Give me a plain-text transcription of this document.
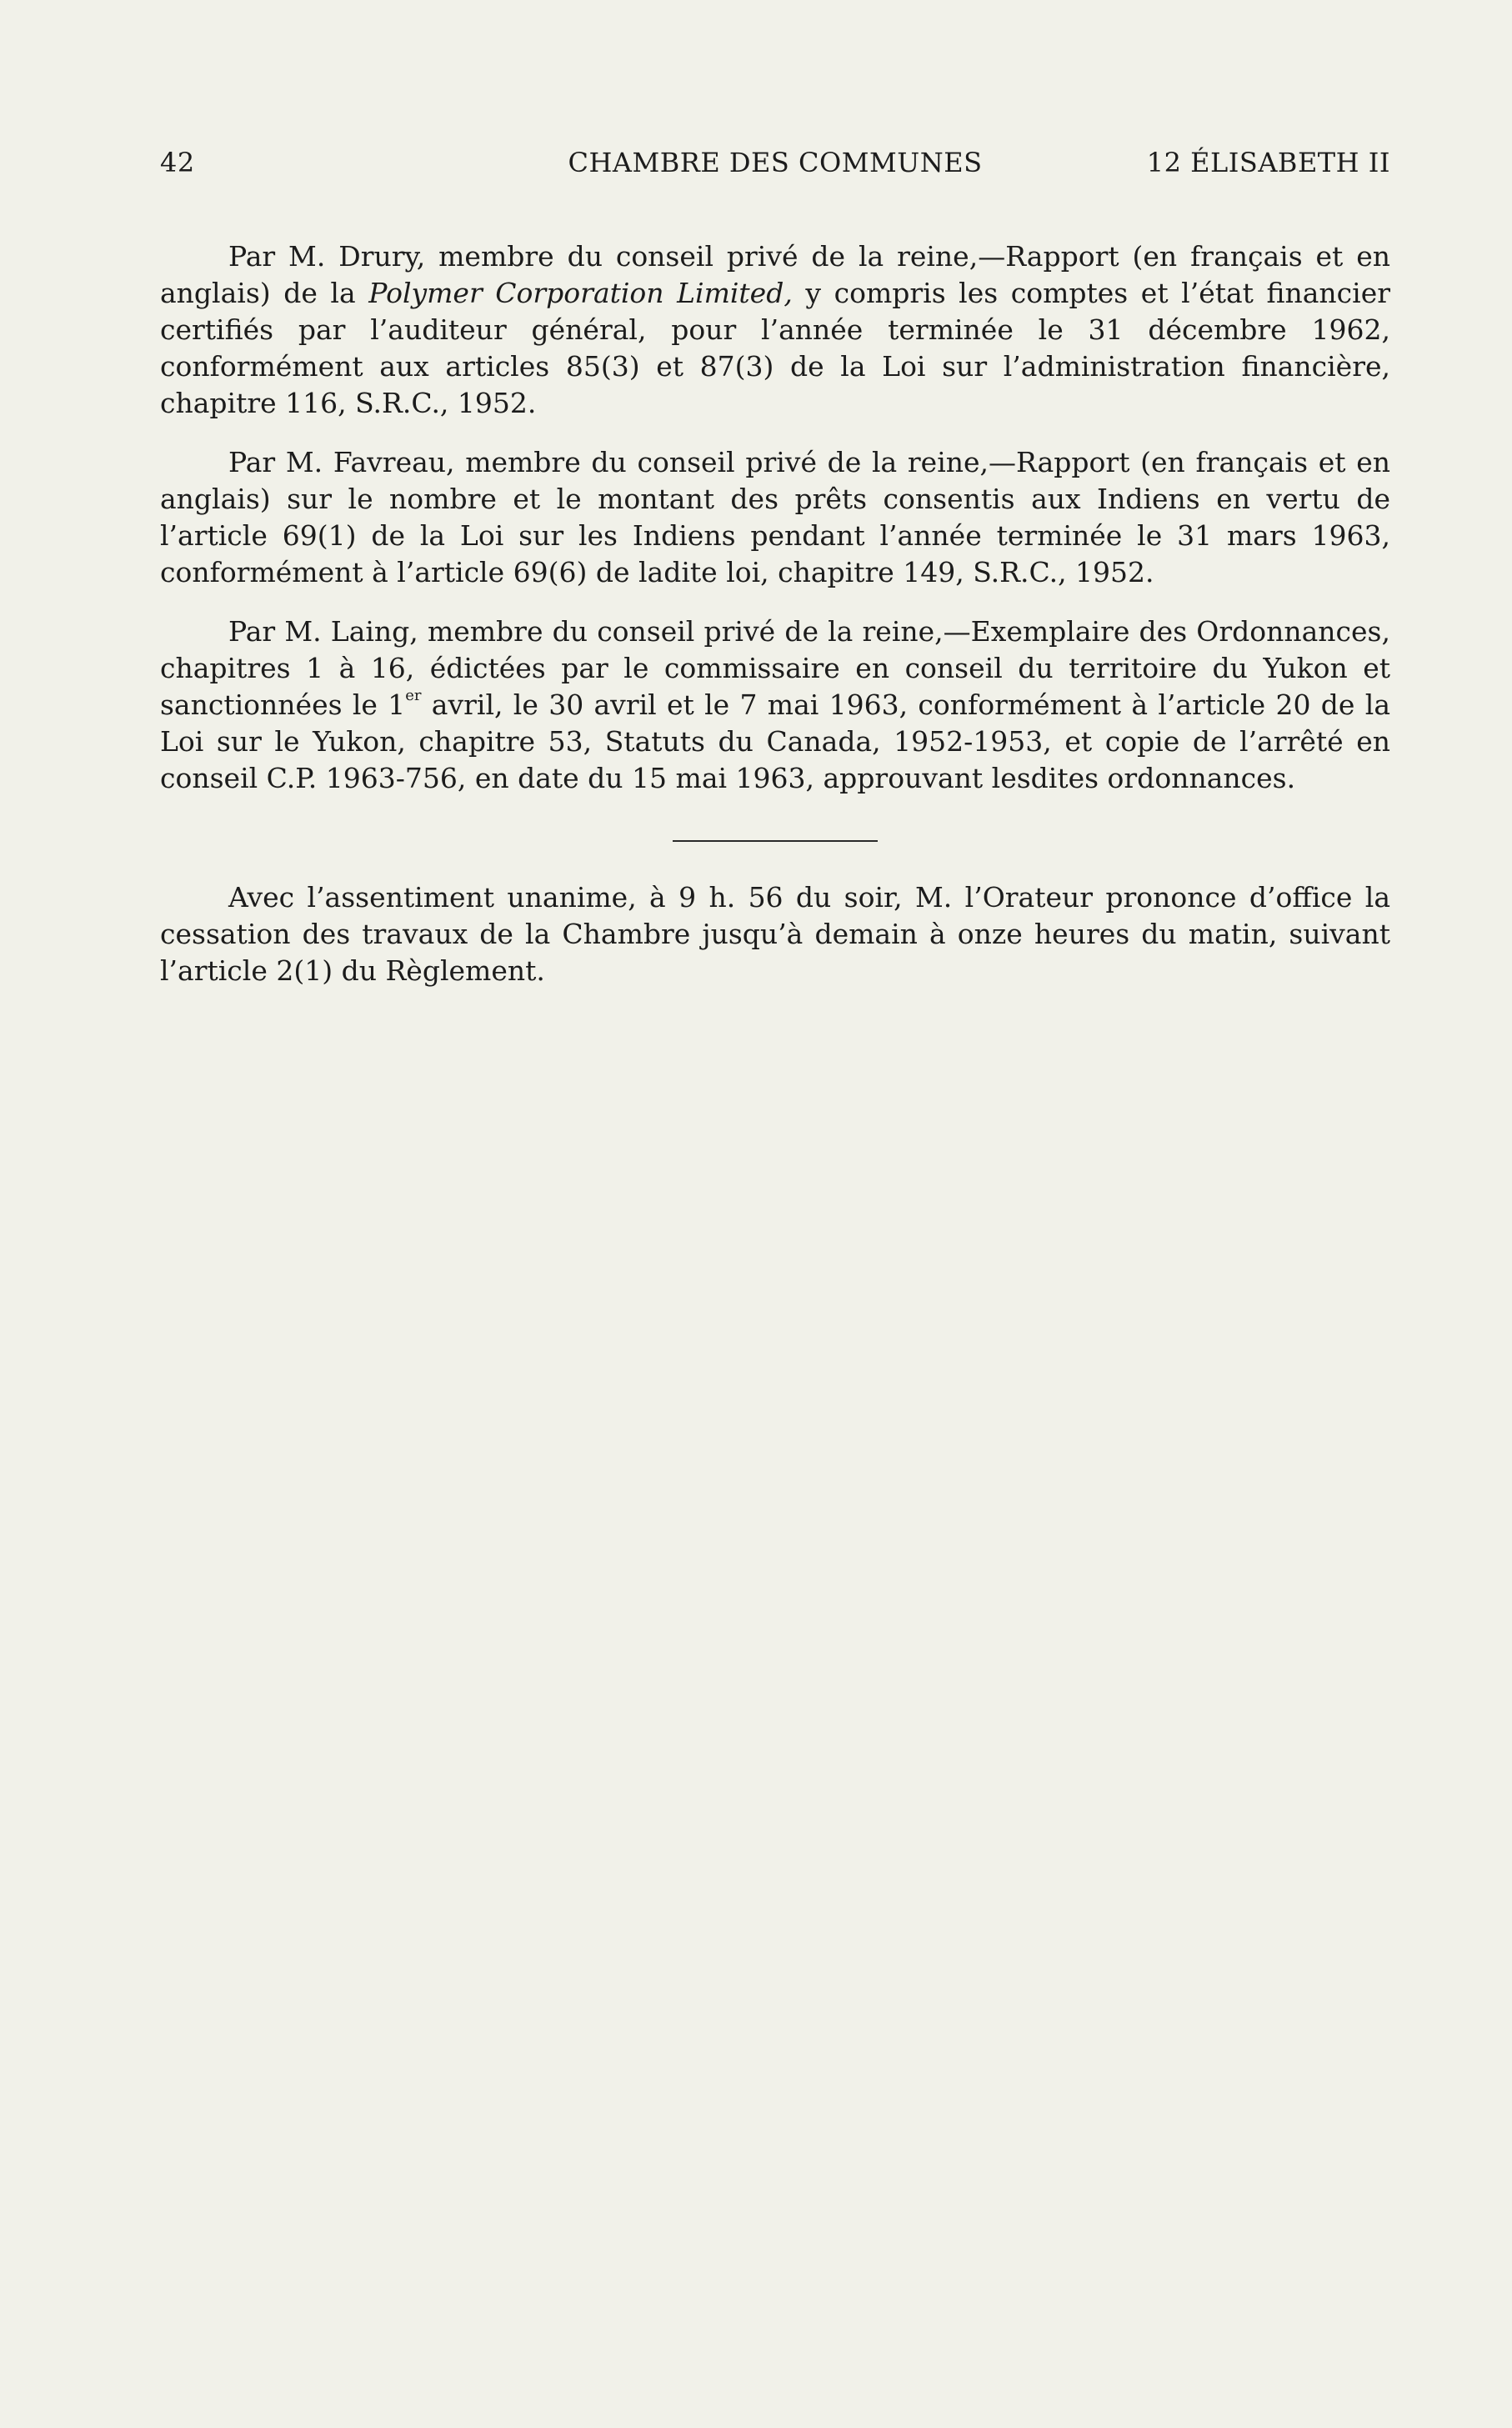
42	CHAMBRE DES COMMUNES	12 ÉLISABETH II

Par M. Drury, membre du conseil privé de la reine,—Rapport (en français et en anglais) de la Polymer Corporation Limited, y compris les comptes et l’état financier certifiés par l’auditeur général, pour l’année terminée le 31 décembre 1962, conformément aux articles 85(3) et 87(3) de la Loi sur l’administration financière, chapitre 116, S.R.C., 1952.

Par M. Favreau, membre du conseil privé de la reine,—Rapport (en français et en anglais) sur le nombre et le montant des prêts consentis aux Indiens en vertu de l’article 69(1) de la Loi sur les Indiens pendant l’année terminée le 31 mars 1963, conformément à l’article 69(6) de ladite loi, chapitre 149, S.R.C., 1952.

Par M. Laing, membre du conseil privé de la reine,—Exemplaire des Ordonnances, chapitres 1 à 16, édictées par le commissaire en conseil du territoire du Yukon et sanctionnées le 1er avril, le 30 avril et le 7 mai 1963, conformément à l’article 20 de la Loi sur le Yukon, chapitre 53, Statuts du Canada, 1952-1953, et copie de l’arrêté en conseil C.P. 1963-756, en date du 15 mai 1963, approuvant lesdites ordonnances.

Avec l’assentiment unanime, à 9 h. 56 du soir, M. l’Orateur prononce d’office la cessation des travaux de la Chambre jusqu’à demain à onze heures du matin, suivant l’article 2(1) du Règlement.
